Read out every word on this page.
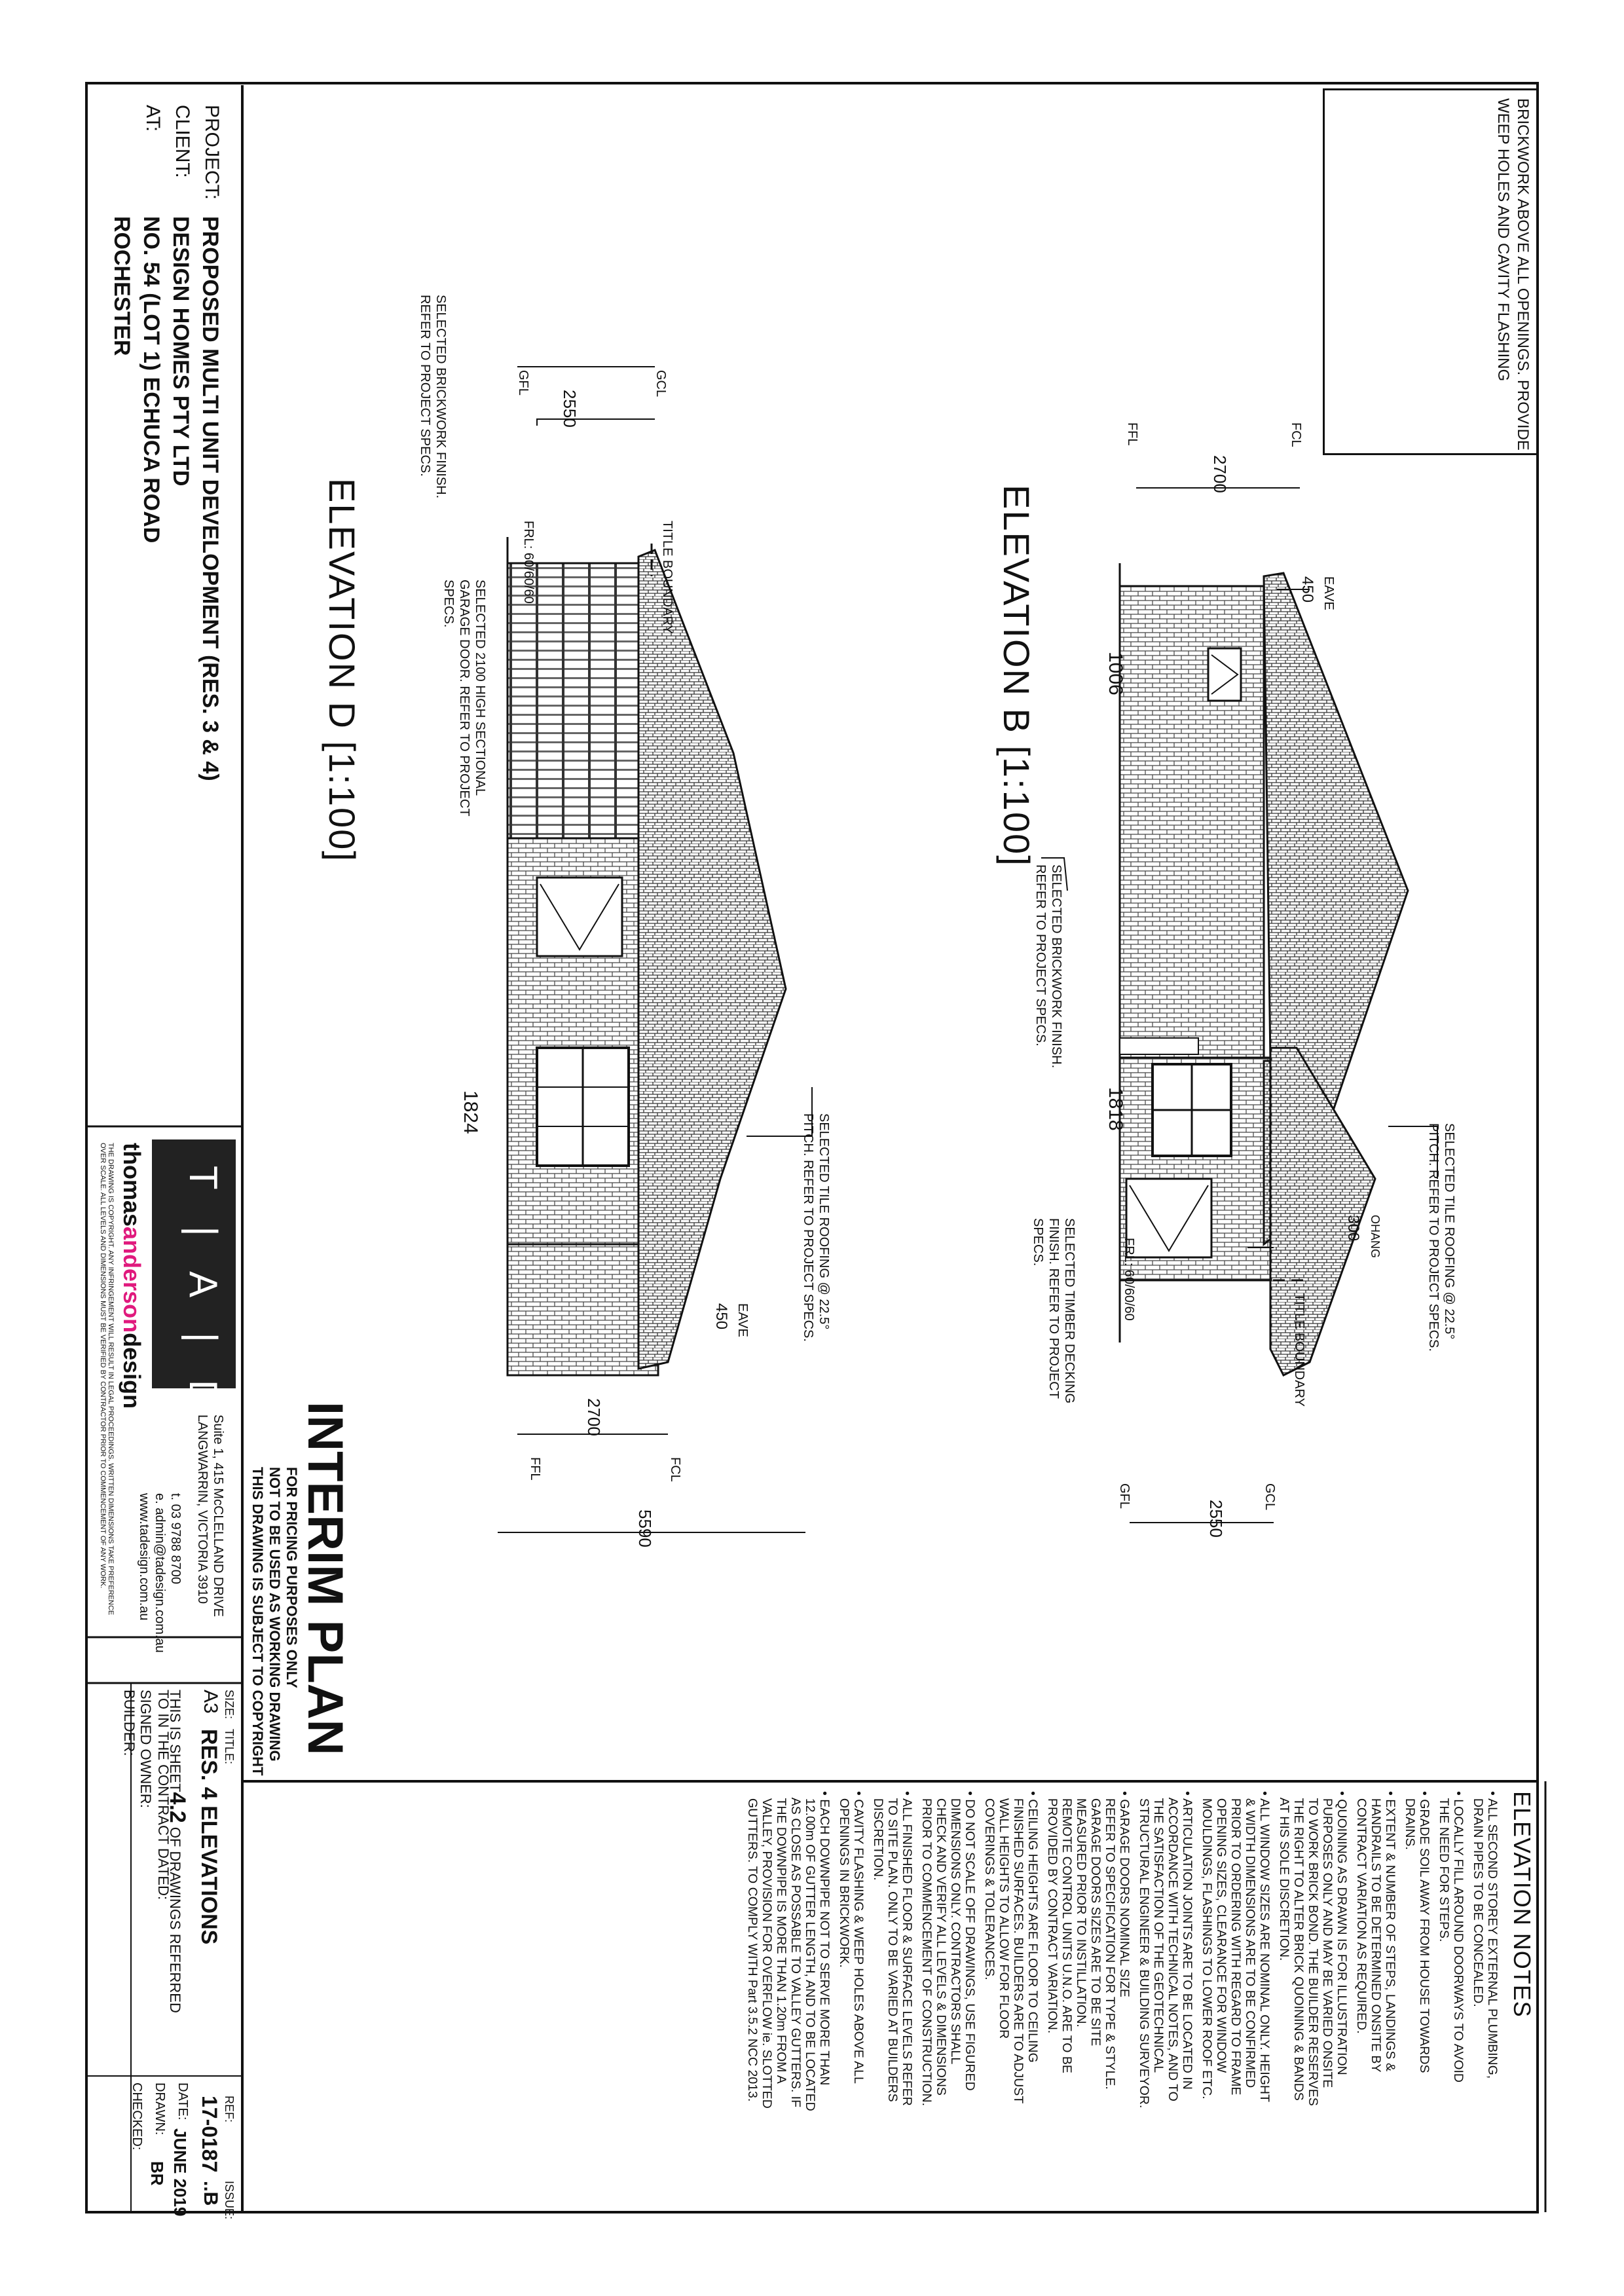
BRICKWORK ABOVE ALL OPENINGS. PROVIDE
WEEP HOLES AND CAVITY FLASHING
ELEVATION B [1:100]	EAVE
450
OHANG
300
FCL
FFL
2700
GCL
GFL
2550
FRL: 60/60/60
TITLE BOUNDARY
1006
1818
SELECTED BRICKWORK FINISH.
REFER TO PROJECT SPECS.
SELECTED TILE ROOFING @ 22.5°
PITCH. REFER TO PROJECT SPECS.
SELECTED TIMBER DECKING
FINISH. REFER TO PROJECT
SPECS.
ELEVATION D [1:100]
GCL
GFL
2550
FRL: 60/60/60	TITLE BOUNDARY
SELECTED BRICKWORK FINISH.
REFER TO PROJECT SPECS.
SELECTED 2100 HIGH SECTIONAL
GARAGE DOOR. REFER TO PROJECT
SPECS.
1824
SELECTED TILE ROOFING @ 22.5°
PITCH. REFER TO PROJECT SPECS.
EAVE
450
2700
FFL	FCL
5590
PROJECT:
PROPOSED MULTI UNIT DEVELOPMENT (RES. 3 & 4)
CLIENT:
DESIGN HOMES PTY LTD
AT:
NO. 54 (LOT 1) ECHUCA ROAD
ROCHESTER
T | A | D
thomasandersondesign
THE DRAWING IS COPYRIGHT. ANY INFRINGEMENT WILL RESULT IN LEGAL PROCEEDINGS. WRITTEN DIMENSIONS TAKE PREFERENCE OVER SCALE. ALL LEVELS AND DIMENSIONS MUST BE VERIFIED BY CONTRACTOR PRIOR TO COMMENCEMENT OF ANY WORK.	Suite 1, 415 McCLELLAND DRIVE
LANGWARRIN, VICTORIA 3910
t. 03 9788 8700
e. admin@tadesign.com.au
www.tadesign.com.au	INTERIM PLAN
FOR PRICING PURPOSES ONLY
NOT TO BE USED AS WORKING DRAWING
THIS DRAWING IS SUBJECT TO COPYRIGHT
SIZE:
A3
TITLE:
RES. 4 ELEVATIONS
REF:
17-0187
ISSUE:
..B
THIS IS SHEET4.2 OF DRAWINGS REFERRED
TO IN THE CONTRACT DATED:
SIGNED OWNER:
BUILDER:
DATE:
JUNE 2019
DRAWN:
BR
CHECKED:
ELEVATION NOTES
• ALL SECOND STOREY EXTERNAL PLUMBING,
DRAIN PIPES TO BE CONCEALED.
• LOCALLY FILL AROUND DOORWAYS TO AVOID
THE NEED FOR STEPS.
• GRADE SOIL AWAY FROM HOUSE TOWARDS
DRAINS.
• EXTENT & NUMBER OF STEPS, LANDINGS &
HANDRAILS TO BE DETERMINED ONSITE BY
CONTRACT VARIATION AS REQUIRED.
• QUOINING AS DRAWN IS FOR ILLUSTRATION
PURPOSES ONLY AND MAY BE VARIED ONSITE
TO WORK BRICK BOND. THE BUILDER RESERVES
THE RIGHT TO ALTER BRICK QUOINING & BANDS
AT HIS SOLE DISCRETION.
• ALL WINDOW SIZES ARE NOMINAL ONLY. HEIGHT
& WIDTH DIMENSIONS ARE TO BE CONFIRMED
PRIOR TO ORDERING WITH REGARD TO FRAME
OPENING SIZES, CLEARANCE FOR WINDOW
MOULDINGS, FLASHINGS TO LOWER ROOF ETC.
• ARTICULATION JOINTS ARE TO BE LOCATED IN
ACCORDANCE WITH TECHNICAL NOTES, AND TO
THE SATISFACTION OF THE GEOTECHNICAL
STRUCTURAL ENGINEER & BUILDING SURVEYOR.
• GARAGE DOORS NOMINAL SIZE
REFER TO SPECIFICATION FOR TYPE & STYLE.
GARAGE DOORS SIZES ARE TO BE SITE
MEASURED PRIOR TO INSTILLATION.
REMOTE CONTROL UNITS U.N.O. ARE TO BE
PROVIDED BY CONTRACT VARIATION.
• CEILING HEIGHTS ARE FLOOR TO CEILING
FINISHED SURFACES. BUILDERS ARE TO ADJUST
WALL HEIGHTS TO ALLOW FOR FLOOR
COVERINGS & TOLERANCES.
• DO NOT SCALE OFF DRAWINGS, USE FIGURED
DIMENSIONS ONLY. CONTRACTORS SHALL
CHECK AND VERIFY ALL LEVELS & DIMENSIONS
PRIOR TO COMMENCEMENT OF CONSTRUCTION.
• ALL FINISHED FLOOR & SURFACE LEVELS REFER
TO SITE PLAN. ONLY TO BE VARIED AT BUILDERS
DISCRETION.
• CAVITY FLASHING & WEEP HOLES ABOVE ALL
OPENINGS IN BRICKWORK.
• EACH DOWNPIPE NOT TO SERVE MORE THAN
12.00m OF GUTTER LENGTH, AND TO BE LOCATED
AS CLOSE AS POSSABLE TO VALLEY GUTTERS. IF
THE DOWNPIPE IS MORE THAN 1.20m FROM A
VALLEY, PROVISION FOR OVERFLOW ie. SLOTTED
GUTTERS. TO COMPLY WITH Part 3.5.2 NCC 2013.
